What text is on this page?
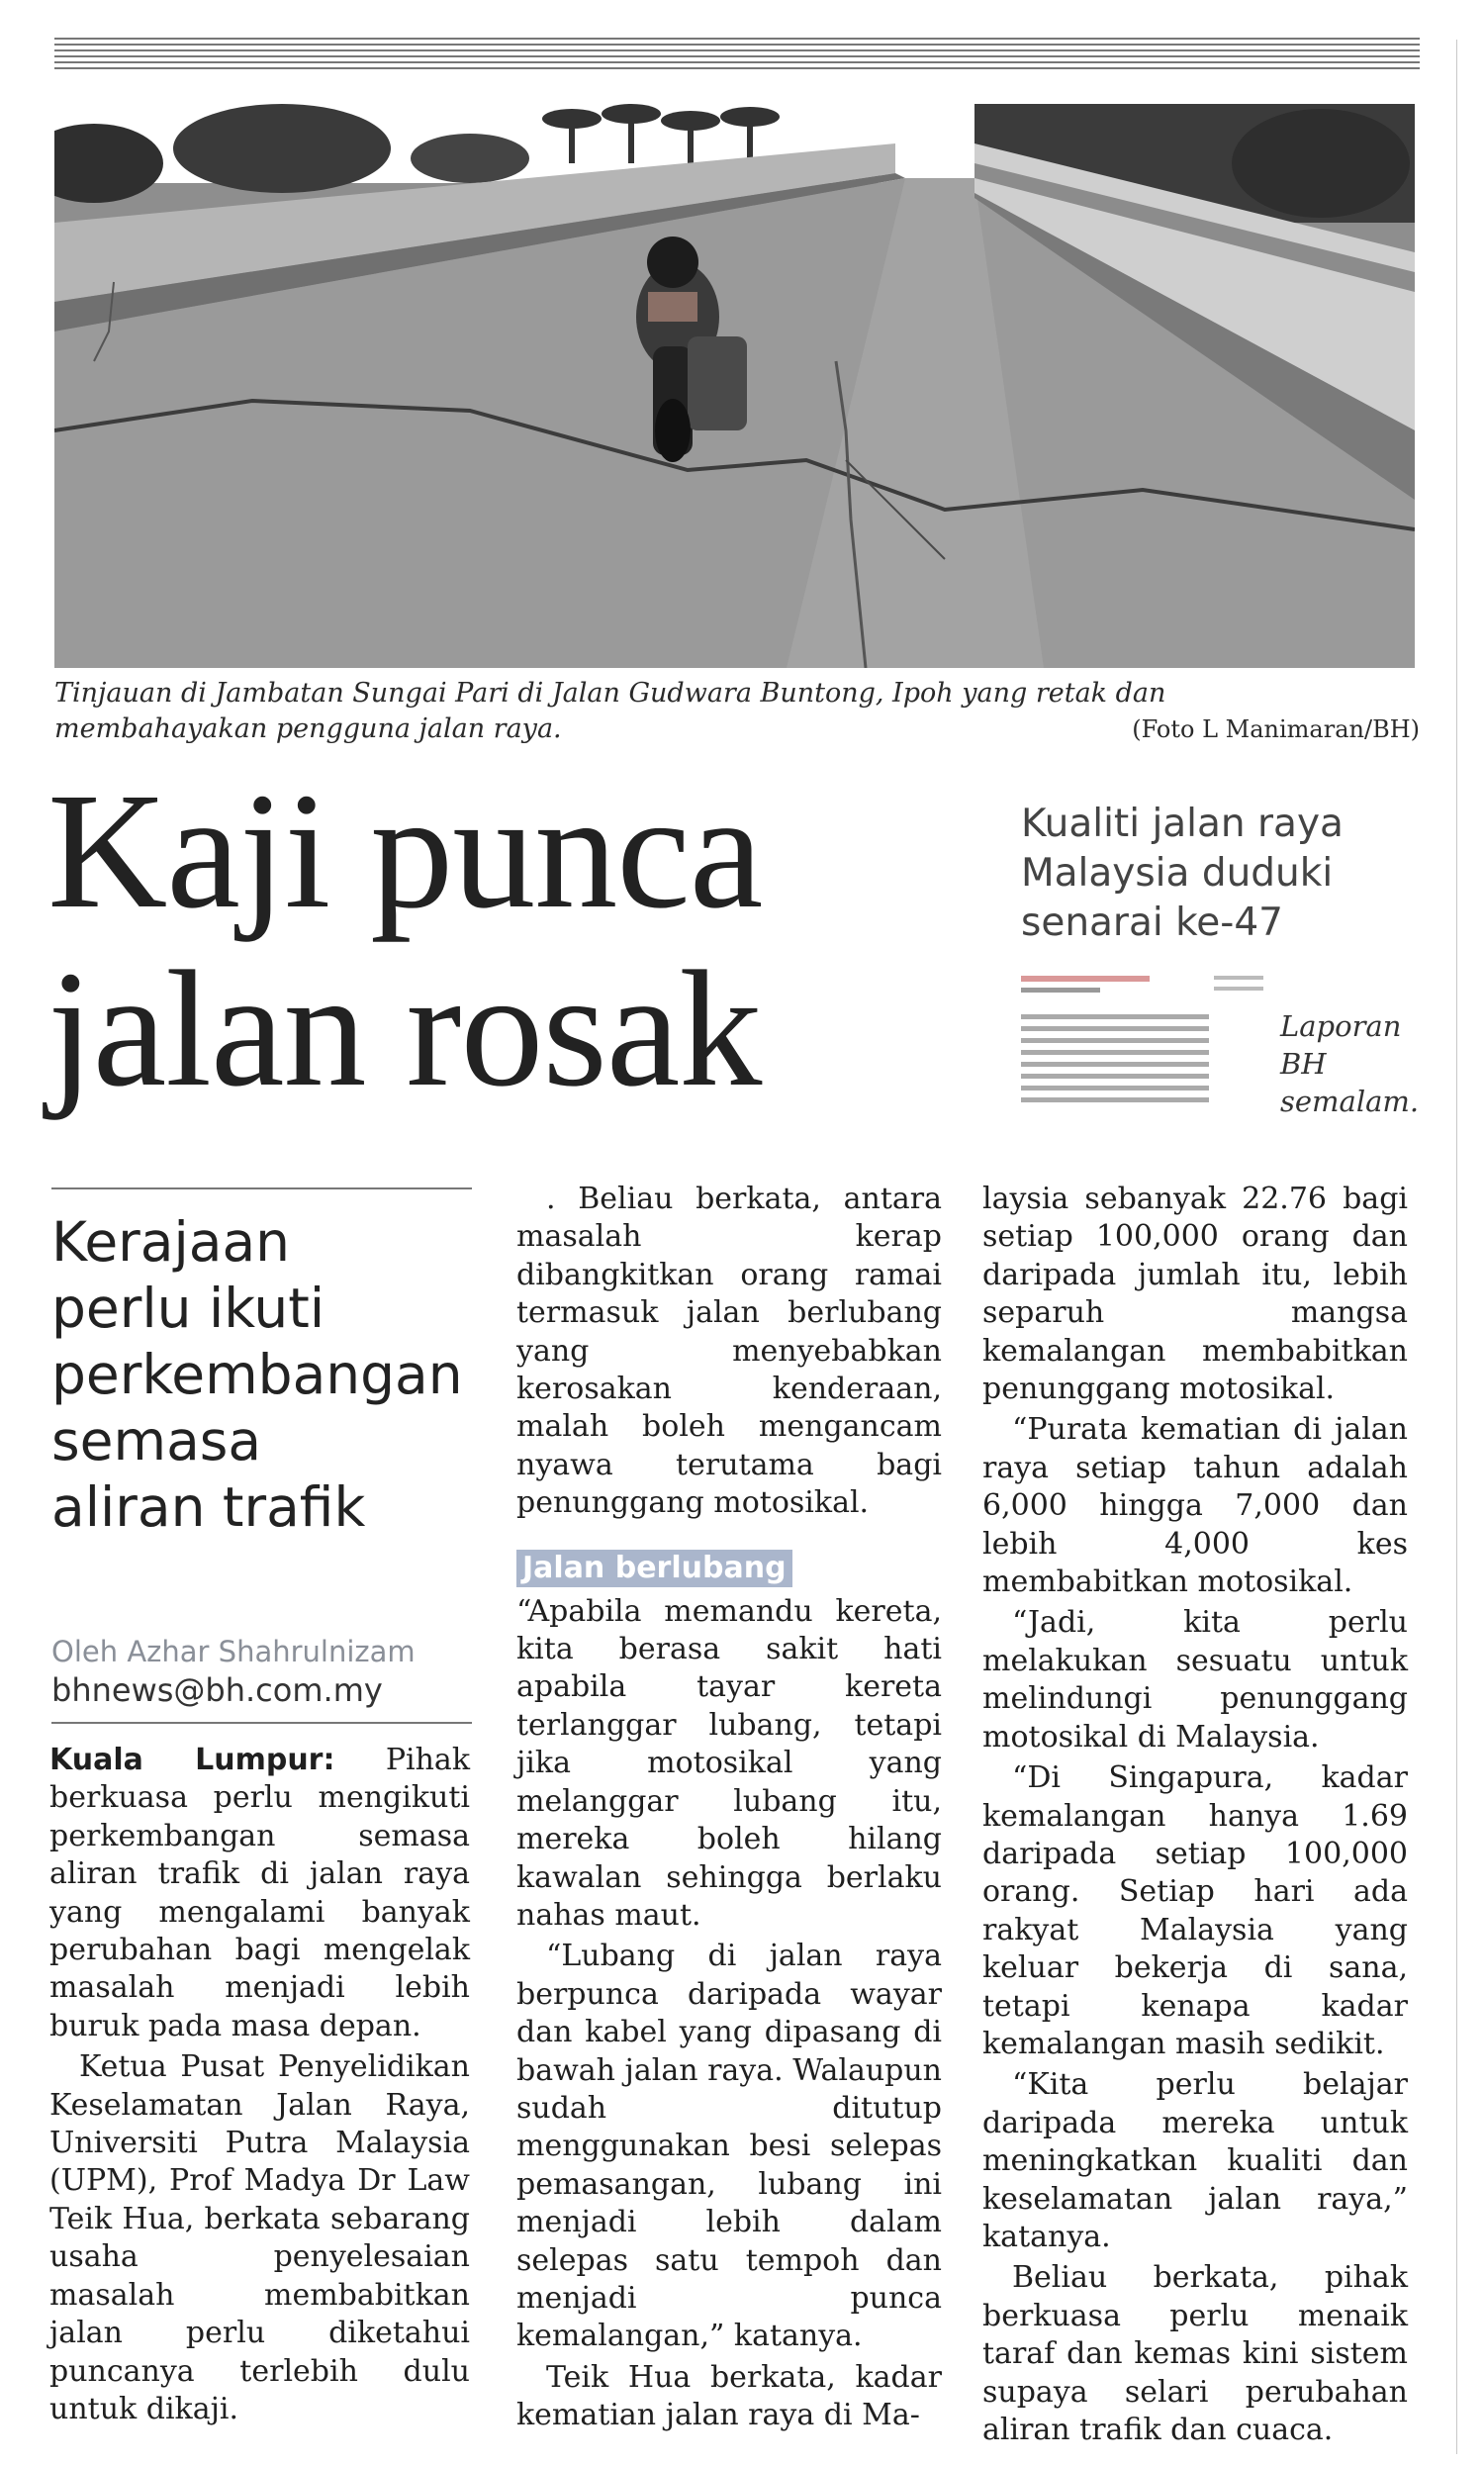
Tinjauan di Jambatan Sungai Pari di Jalan Gudwara Buntong, Ipoh yang retak dan
membahayakan pengguna jalan raya.	(Foto L Manimaran/BH)
Kaji punca
jalan rosak
Kualiti jalan raya
Malaysia duduki
senarai ke-47
Laporan
BH
semalam.
Kerajaan
perlu ikuti
perkembangan
semasa
aliran trafik
Oleh Azhar Shahrulnizam
bhnews@bh.com.my

Kuala Lumpur: Pihak berkuasa perlu mengikuti perkembangan semasa aliran trafik di jalan raya yang mengalami banyak perubahan bagi mengelak masalah menjadi lebih buruk pada masa depan.

Ketua Pusat Penyelidikan Keselamatan Jalan Raya, Universiti Putra Malaysia (UPM), Prof Madya Dr Law Teik Hua, berkata sebarang usaha penyelesaian masalah membabitkan jalan perlu diketahui puncanya terlebih dulu untuk dikaji.

. Beliau berkata, antara masalah kerap dibangkitkan orang ramai termasuk jalan berlubang yang menyebabkan kerosakan kenderaan, malah boleh mengancam nyawa terutama bagi penunggang motosikal.

Jalan berlubang

“Apabila memandu kereta, kita berasa sakit hati apabila tayar kereta terlanggar lubang, tetapi jika motosikal yang melanggar lubang itu, mereka boleh hilang kawalan sehingga berlaku nahas maut.

“Lubang di jalan raya berpunca daripada wayar dan kabel yang dipasang di bawah jalan raya. Walaupun sudah ditutup menggunakan besi selepas pemasangan, lubang ini menjadi lebih dalam selepas satu tempoh dan menjadi punca kemalangan,” katanya.

Teik Hua berkata, kadar kematian jalan raya di Ma-

laysia sebanyak 22.76 bagi setiap 100,000 orang dan daripada jumlah itu, lebih separuh mangsa kemalangan membabitkan penunggang motosikal.

“Purata kematian di jalan raya setiap tahun adalah 6,000 hingga 7,000 dan lebih 4,000 kes membabitkan motosikal.

“Jadi, kita perlu melakukan sesuatu untuk melindungi penunggang motosikal di Malaysia.

“Di Singapura, kadar kemalangan hanya 1.69 daripada setiap 100,000 orang. Setiap hari ada rakyat Malaysia yang keluar bekerja di sana, tetapi kenapa kadar kemalangan masih sedikit.

“Kita perlu belajar daripada mereka untuk meningkatkan kualiti dan keselamatan jalan raya,” katanya.

Beliau berkata, pihak berkuasa perlu menaik taraf dan kemas kini sistem supaya selari perubahan aliran trafik dan cuaca.
